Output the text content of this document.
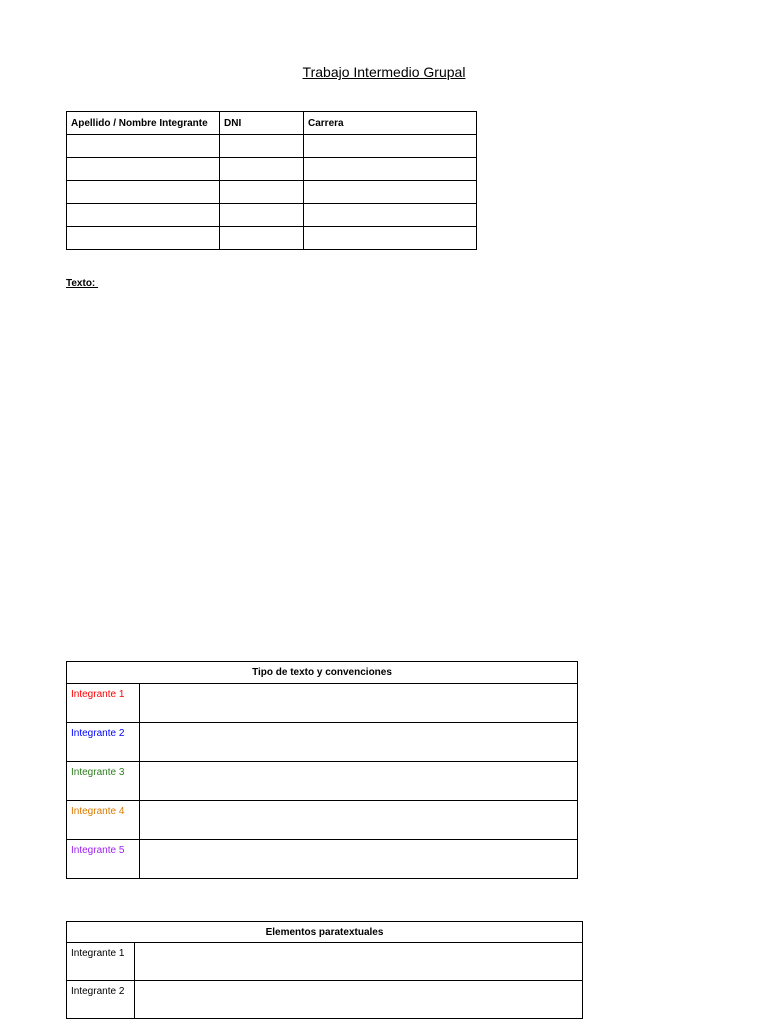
Trabajo Intermedio Grupal
Apellido / Nombre Integrante	DNI	Carrera

Texto:
Tipo de texto y convenciones	
Integrante 1	
Integrante 2	
Integrante 3	
Integrante 4	
Integrante 5	
Elementos paratextuales	
Integrante 1	
Integrante 2	
